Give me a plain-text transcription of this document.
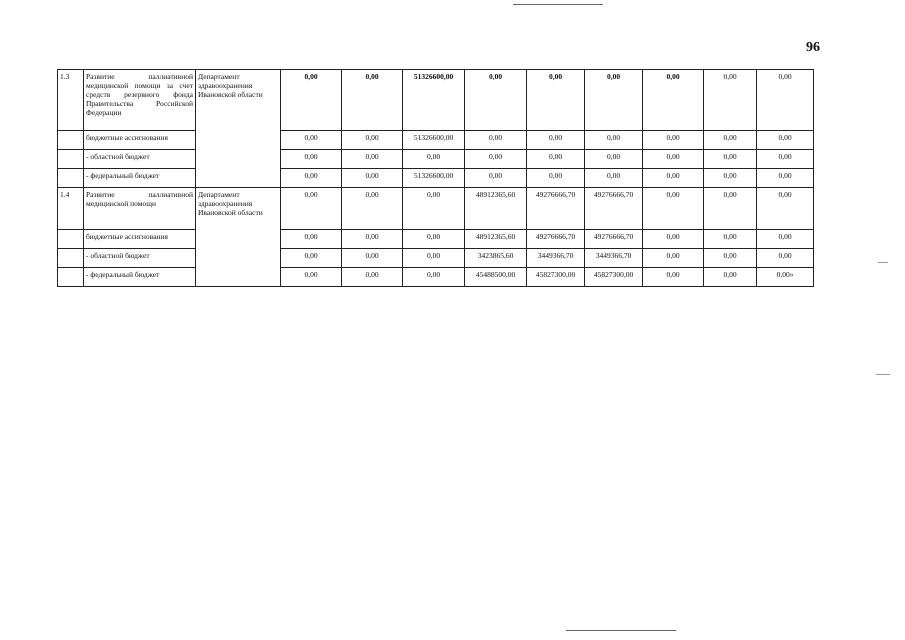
96
1.3	Развитие паллиативной медицинской помощи за счет средств резервного фонда Правительства Российской Федерации	Департамент здравоохранения Ивановской области	0,00	0,00	51326600,00	0,00	0,00	0,00	0,00	0,00	0,00
	бюджетные ассигнования		0,00	0,00	51326600,00	0,00	0,00	0,00	0,00	0,00	0,00
	- областной бюджет		0,00	0,00	0,00	0,00	0,00	0,00	0,00	0,00	0,00
	- федеральный бюджет		0,00	0,00	51326600,00	0,00	0,00	0,00	0,00	0,00	0,00
1.4	Развитие паллиативной медицинской помощи	Департамент здравоохранения Ивановской области	0,00	0,00	0,00	48912365,60	49276666,70	49276666,70	0,00	0,00	0,00
	бюджетные ассигнования		0,00	0,00	0,00	48912365,60	49276666,70	49276666,70	0,00	0,00	0,00
	- областной бюджет		0,00	0,00	0,00	3423865,60	3449366,70	3449366,70	0,00	0,00	0,00
	- федеральный бюджет		0,00	0,00	0,00	45488500,00	45827300,00	45827300,00	0,00	0,00	0,00»
